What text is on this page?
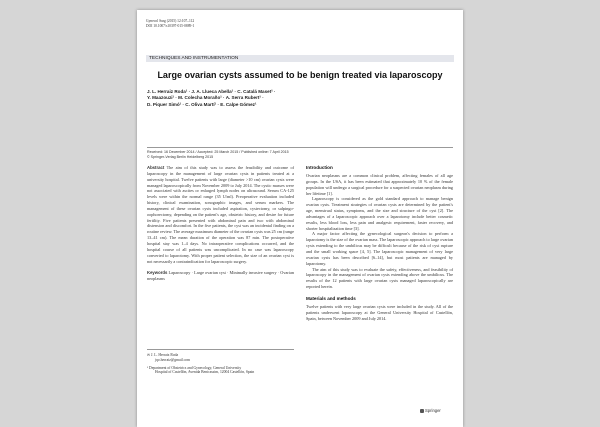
Gynecol Surg (2015) 12:107–112
DOI 10.1007/s10397-015-0889-1
TECHNIQUES AND INSTRUMENTATION
Large ovarian cysts assumed to be benign treated via laparoscopy
J. L. Herraiz Roda¹ · J. A. Llueca Abella¹ · C. Catalá Maset¹ ·
Y. Maazouzi¹ · M. Colecha Moraño¹ · A. Serra Rubert¹ ·
D. Piquer Simó¹ · C. Oliva Martí¹ · E. Calpe Gómez¹
Received: 16 December 2014 / Accepted: 25 March 2015 / Published online: 7 April 2015
© Springer-Verlag Berlin Heidelberg 2015

Abstract The aim of this study was to assess the feasibility and outcome of laparoscopy in the management of large ovarian cysts in patients treated at a university hospital. Twelve patients with large (diameter >10 cm) ovarian cysts were managed laparoscopically from November 2009 to July 2014. The cystic masses were not associated with ascites or enlarged lymph nodes on ultrasound. Serum CA-125 levels were within the normal range (35 U/ml). Preoperative evaluation included history, clinical examination, sonographic images, and serum markers. The management of these ovarian cysts included aspiration, cystectomy, or salpingo-oophorectomy, depending on the patient's age, obstetric history, and desire for future fertility. Five patients presented with abdominal pain and two with abdominal distension and discomfort. In the five patients, the cyst was an incidental finding on a routine review. The average maximum diameter of the ovarian cysts was 25 cm (range 13–41 cm). The mean duration of the operation was 87 min. The postoperative hospital stay was 1–4 days. No intraoperative complications occurred, and the hospital course of all patients was uncomplicated. In no case was laparoscopy converted to laparotomy. With proper patient selection, the size of an ovarian cyst is not necessarily a contraindication for laparoscopic surgery.

Keywords Laparoscopy · Large ovarian cyst · Minimally invasive surgery · Ovarian neoplasms

✉ J. L. Herraiz Roda
jqo.herraiz@gmail.com
¹ Department of Obstetrics and Gynecology, General University
Hospital of Castellón, Avenida Benicassim, 12004 Castellón, Spain
Introduction

Ovarian neoplasms are a common clinical problem, affecting females of all age groups. In the USA, it has been estimated that approximately 10 % of the female population will undergo a surgical procedure for a suspected ovarian neoplasm during her lifetime [1].

Laparoscopy is considered as the gold standard approach to manage benign ovarian cysts. Treatment strategies of ovarian cysts are determined by the patient's age, menstrual status, symptoms, and the size and structure of the cyst [2]. The advantages of a laparoscopic approach over a laparotomy include better cosmetic results, less blood loss, less pain and analgesic requirement, faster recovery, and shorter hospitalization time [3].

A major factor affecting the gynecological surgeon's decision to perform a laparotomy is the size of the ovarian mass. The laparoscopic approach to large ovarian cysts extending to the umbilicus may be difficult because of the risk of cyst rupture and the small working space [4, 5]. The laparoscopic management of very large ovarian cysts has been described [6–14], but most patients are managed by laparotomy.

The aim of this study was to evaluate the safety, effectiveness, and feasibility of laparoscopy in the management of ovarian cysts extending above the umbilicus. The results of the 12 patients with large ovarian cysts managed laparoscopically are reported herein.

Materials and methods

Twelve patients with very large ovarian cysts were included in the study. All of the patients underwent laparoscopy at the General University Hospital of Castellón, Spain, between November 2009 and July 2014.

Springer
